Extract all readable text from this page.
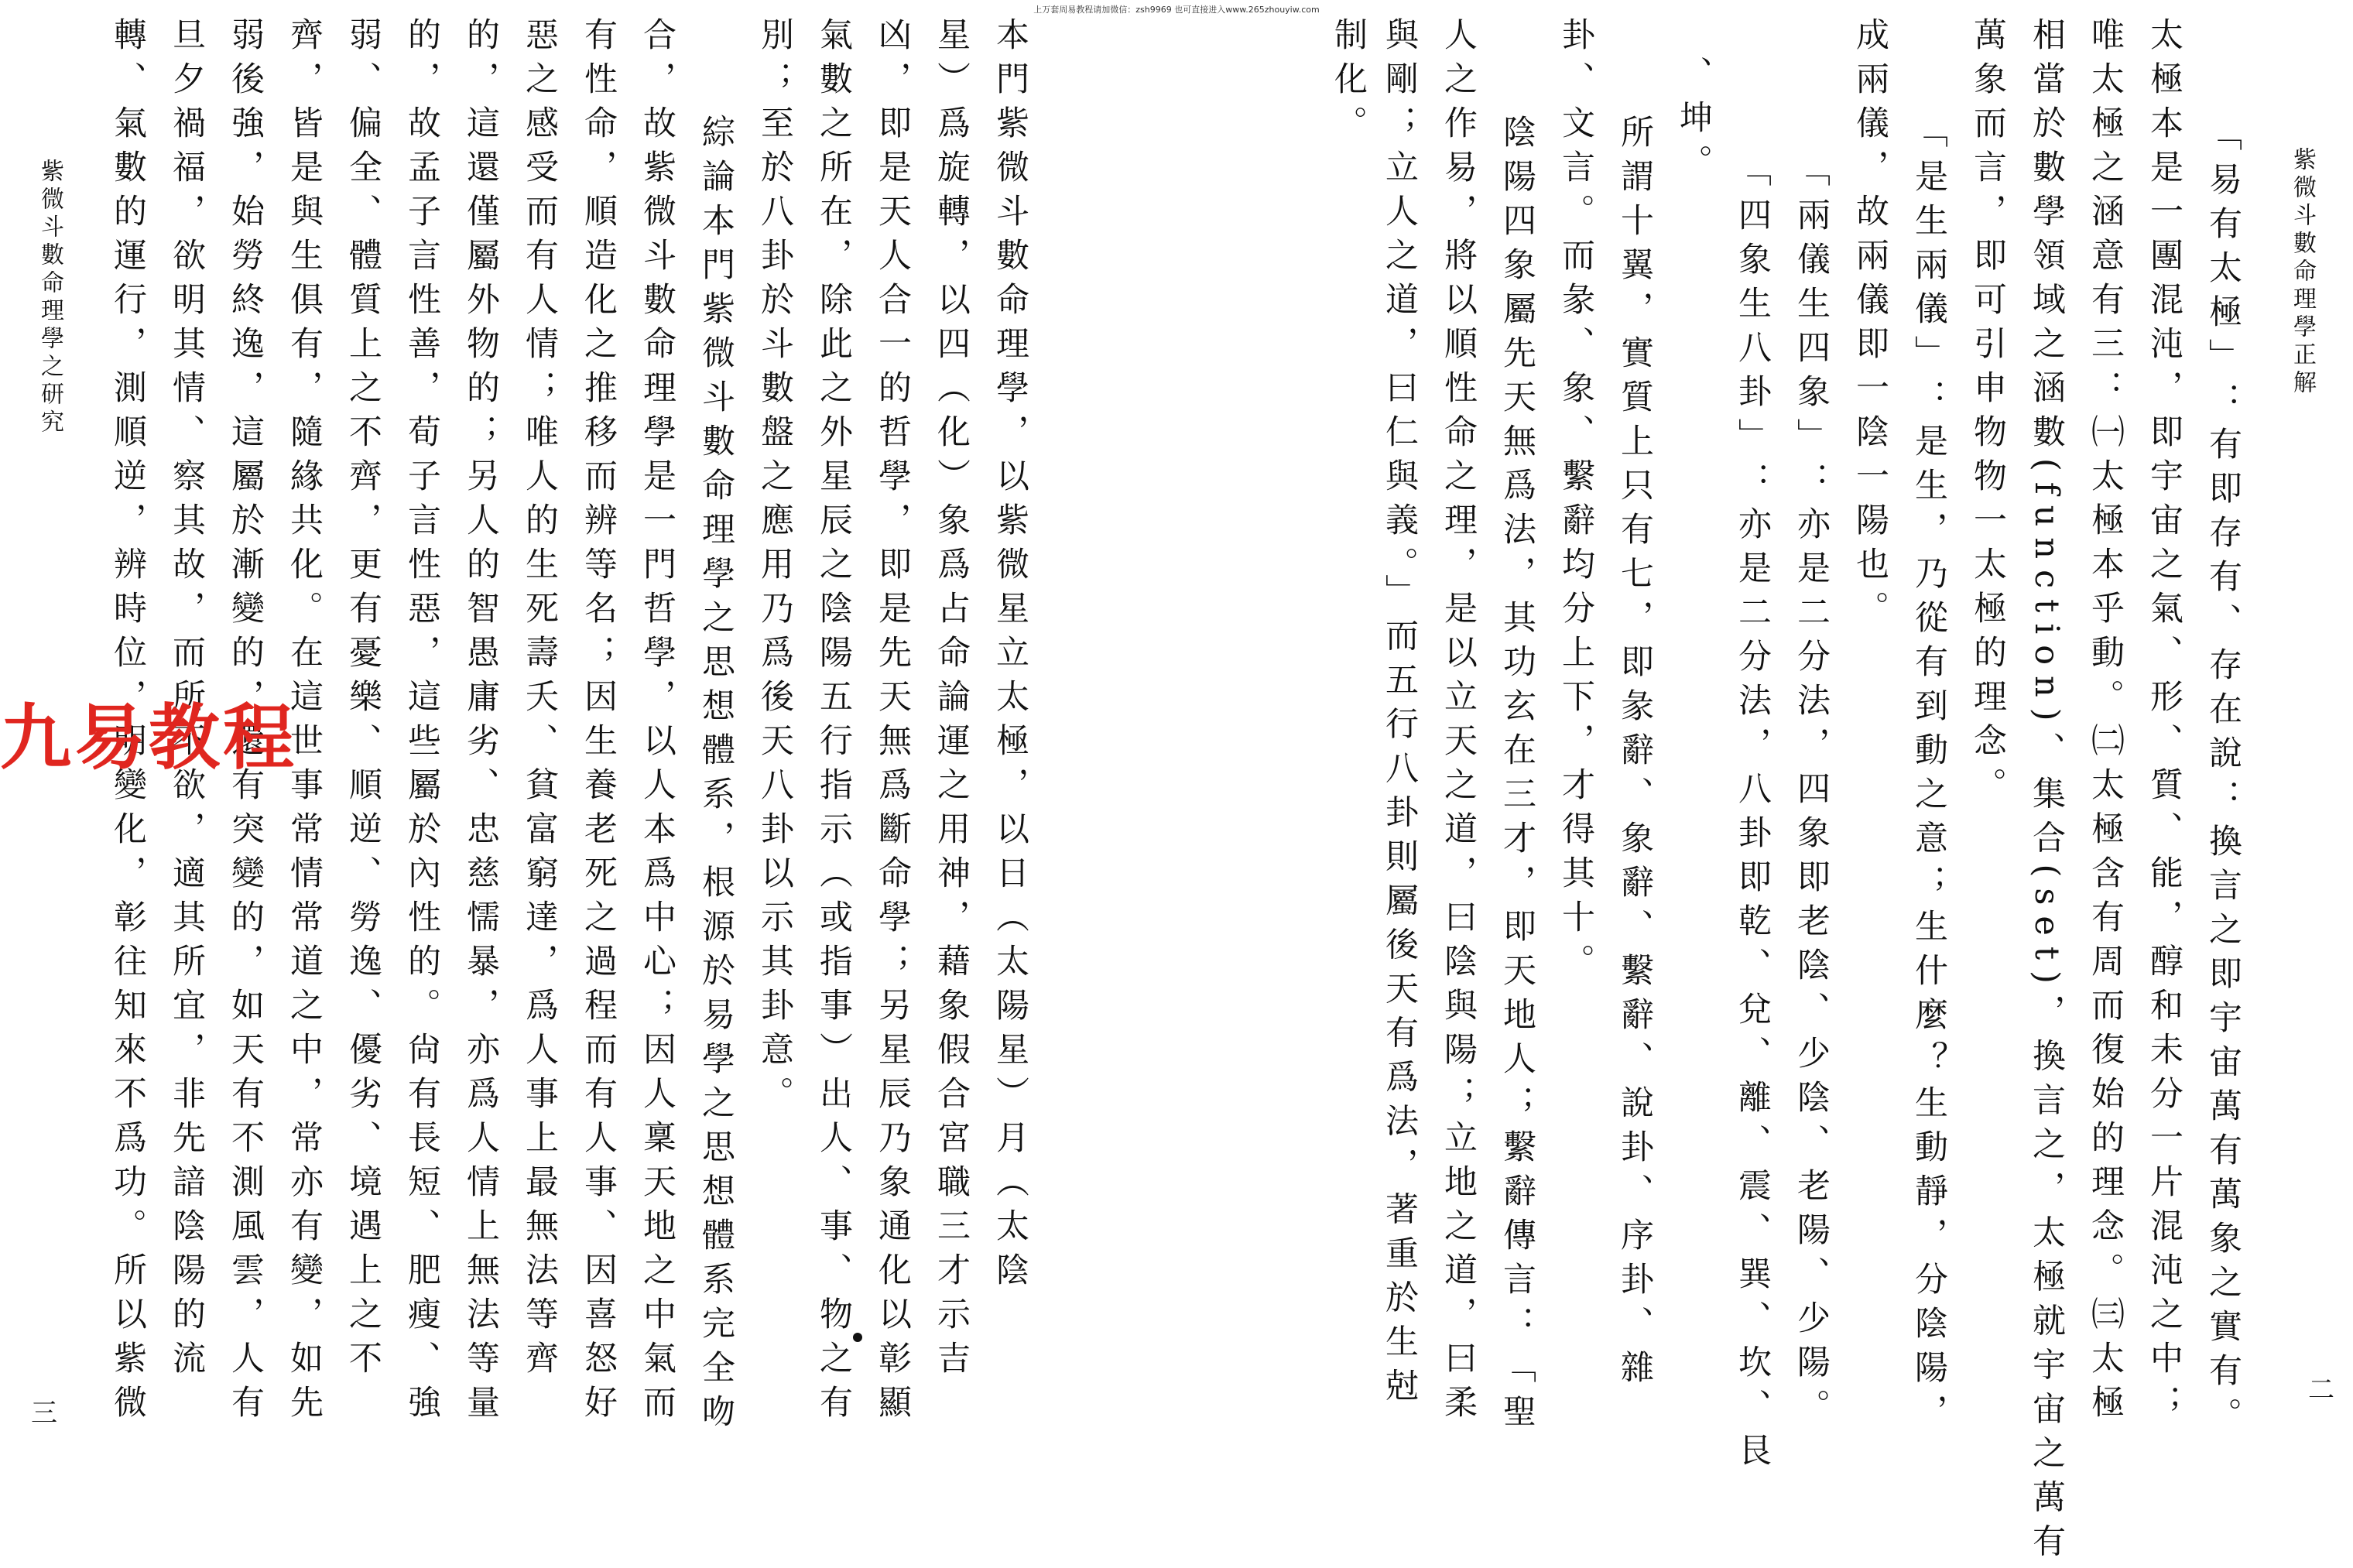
上万套周易教程请加微信：zsh9969 也可直接进入www.265zhouyiw.com
紫微斗數命理學之研究
三
本門紫微斗數命理學，以紫微星立太極，以日（太陽星）月（太陰
星）爲旋轉，以四（化）象爲占命論運之用神，藉象假合宮職三才示吉
凶，即是天人合一的哲學，即是先天無爲斷命學；另星辰乃象通化以彰顯
氣數之所在，除此之外星辰之陰陽五行指示（或指事）出人、事、物之有
別；至於八卦於斗數盤之應用乃爲後天八卦以示其卦意。
綜論本門紫微斗數命理學之思想體系，根源於易學之思想體系完全吻
合，故紫微斗數命理學是一門哲學，以人本爲中心；因人稟天地之中氣而
有性命，順造化之推移而辨等名；因生養老死之過程而有人事、因喜怒好
惡之感受而有人情；唯人的生死壽夭、貧富窮達，爲人事上最無法等齊
的，這還僅屬外物的；另人的智愚庸劣、忠慈懦暴，亦爲人情上無法等量
的，故孟子言性善，荀子言性惡，這些屬於內性的。尙有長短、肥瘦、強
弱、偏全、體質上之不齊，更有憂樂、順逆、勞逸、優劣、境遇上之不
齊，皆是與生俱有，隨緣共化。在這世事常情常道之中，常亦有變，如先
弱後強，始勞終逸，這屬於漸變的，還有突變的，如天有不測風雲，人有
旦夕禍福，欲明其情、察其故，而所不欲，適其所宜，非先諳陰陽的流
轉、氣數的運行，測順逆，辨時位，明變化，彰往知來不爲功。所以紫微
九易教程
紫微斗數命理學正解
二
「易有太極」：有即存有、存在說：換言之即宇宙萬有萬象之實有。
太極本是一團混沌，即宇宙之氣、形、質、能，醇和未分一片混沌之中；
唯太極之涵意有三：㈠太極本乎動。㈡太極含有周而復始的理念。㈢太極
相當於數學領域之涵數(function)、集合(set)，換言之，太極就宇宙之萬有
萬象而言，即可引申物物一太極的理念。
「是生兩儀」：是生，乃從有到動之意；生什麼？生動靜，分陰陽，
成兩儀，故兩儀即一陰一陽也。
「兩儀生四象」：亦是二分法，四象即老陰、少陰、老陽、少陽。
「四象生八卦」：亦是二分法，八卦即乾、兌、離、震、巽、坎、艮
、坤。
所謂十翼，實質上只有七，即彖辭、象辭、繫辭、說卦、序卦、雜
卦、文言。而彖、象、繫辭均分上下，才得其十。
陰陽四象屬先天無爲法，其功玄在三才，即天地人；繫辭傳言：「聖
人之作易，將以順性命之理，是以立天之道，曰陰與陽；立地之道，曰柔
與剛；立人之道，曰仁與義。」而五行八卦則屬後天有爲法，著重於生尅
制化。
